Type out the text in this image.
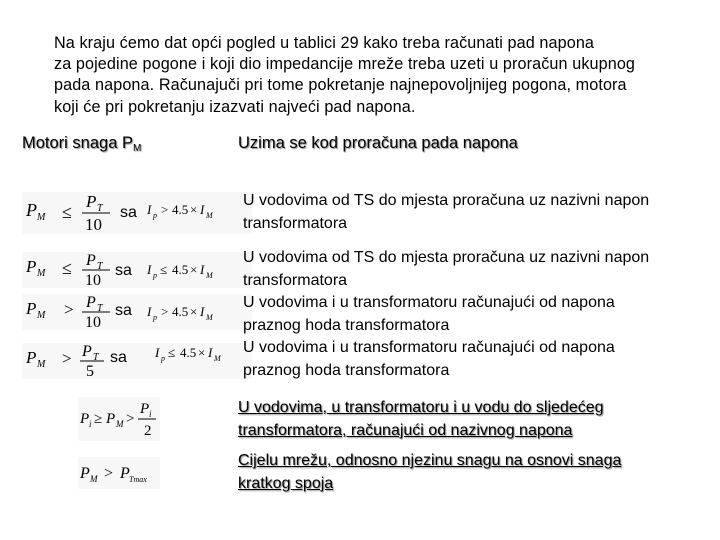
Na kraju ćemo dat opći pogled u tablici 29 kako treba računati pad napona
za pojedine pogone i koji dio impedancije mreže treba uzeti u proračun ukupnog
pada napona. Računajuči pri tome pokretanje najnepovoljnijeg pogona, motora
koji će pri pokretanju izazvati najveći pad napona.
Motori snaga $P_M$	Uzima se kod proračuna pada napona
P M ≤
P T
10
I p > 4.5 × I M
sa
P M ≤ P T
10
I p ≤ 4.5 × I M
sa
P M > P T
10
I p > 4.5 × I M
sa
P M > P T
5
I p ≤ 4.5 × I M
sa
P i ≥ P M >
P i
2
P M > P Tmax
U vodovima od TS do mjesta proračuna uz nazivni napon
transformatora
U vodovima od TS do mjesta proračuna uz nazivni napon
transformatora
U vodovima i u transformatoru računajući od napona
praznog hoda transformatora
U vodovima i u transformatoru računajući od napona
praznog hoda transformatora
U vodovima, u transformatoru i u vodu do sljedećeg
transformatora, računajući od nazivnog napona
Cijelu mrežu, odnosno njezinu snagu na osnovi snaga
kratkog spoja
